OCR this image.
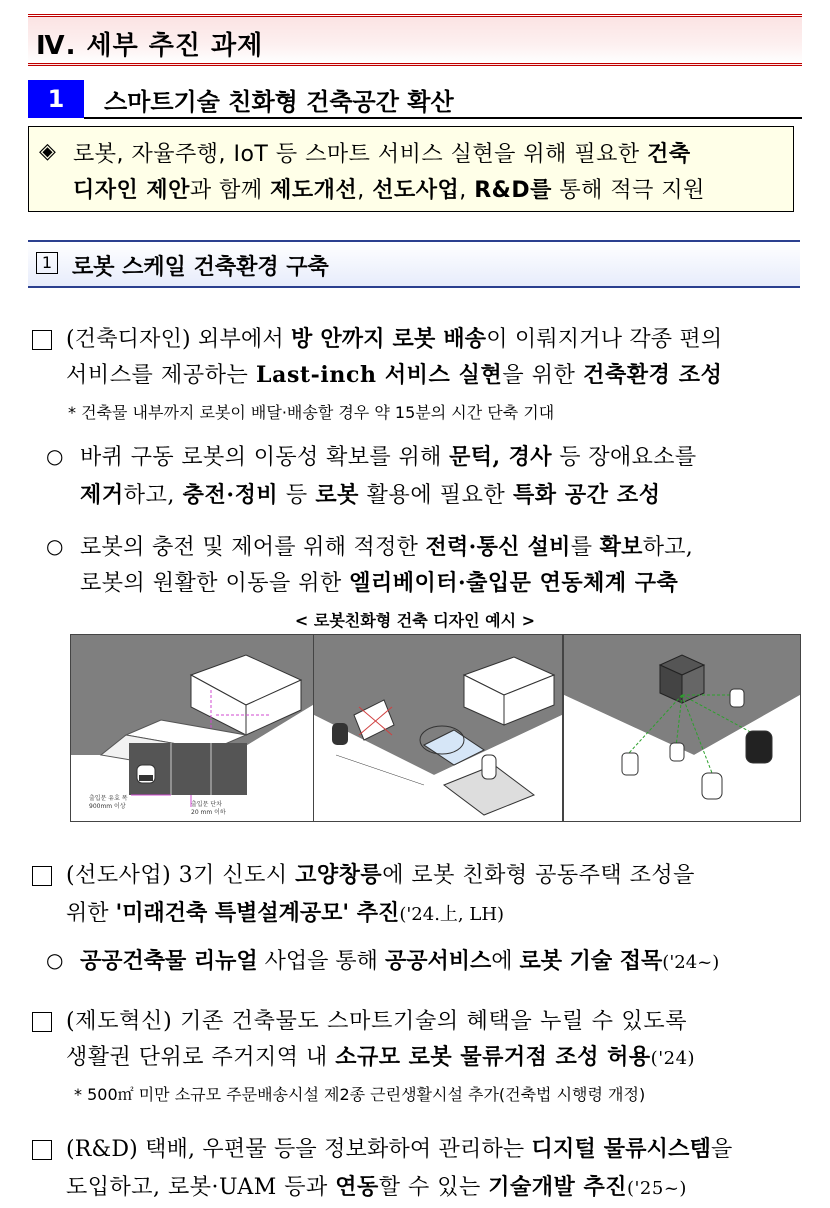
Ⅳ. 세부 추진 과제
1	스마트기술 친화형 건축공간 확산
◈ 로봇, 자율주행, IoT 등 스마트 서비스 실현을 위해 필요한 건축
디자인 제안과 함께 제도개선, 선도사업, R&D를 통해 적극 지원
1 로봇 스케일 건축환경 구축
(건축디자인) 외부에서 방 안까지 로봇 배송이 이뤄지거나 각종 편의
서비스를 제공하는 Last-inch 서비스 실현을 위한 건축환경 조성
* 건축물 내부까지 로봇이 배달·배송할 경우 약 15분의 시간 단축 기대
○ 바퀴 구동 로봇의 이동성 확보를 위해 문턱, 경사 등 장애요소를
제거하고, 충전·정비 등 로봇 활용에 필요한 특화 공간 조성
○ 로봇의 충전 및 제어를 위해 적정한 전력·통신 설비를 확보하고,
로봇의 원활한 이동을 위한 엘리베이터·출입문 연동체계 구축
< 로봇친화형 건축 디자인 예시 >
출입문 유효 폭
900mm 이상	출입문 단차
20 mm 이하
(선도사업) 3기 신도시 고양창릉에 로봇 친화형 공동주택 조성을
위한 '미래건축 특별설계공모' 추진('24.上, LH)
○ 공공건축물 리뉴얼 사업을 통해 공공서비스에 로봇 기술 접목('24~)
(제도혁신) 기존 건축물도 스마트기술의 혜택을 누릴 수 있도록
생활권 단위로 주거지역 내 소규모 로봇 물류거점 조성 허용('24)
* 500㎡ 미만 소규모 주문배송시설 제2종 근린생활시설 추가(건축법 시행령 개정)
(R&D) 택배, 우편물 등을 정보화하여 관리하는 디지털 물류시스템을
도입하고, 로봇·UAM 등과 연동할 수 있는 기술개발 추진('25~)
